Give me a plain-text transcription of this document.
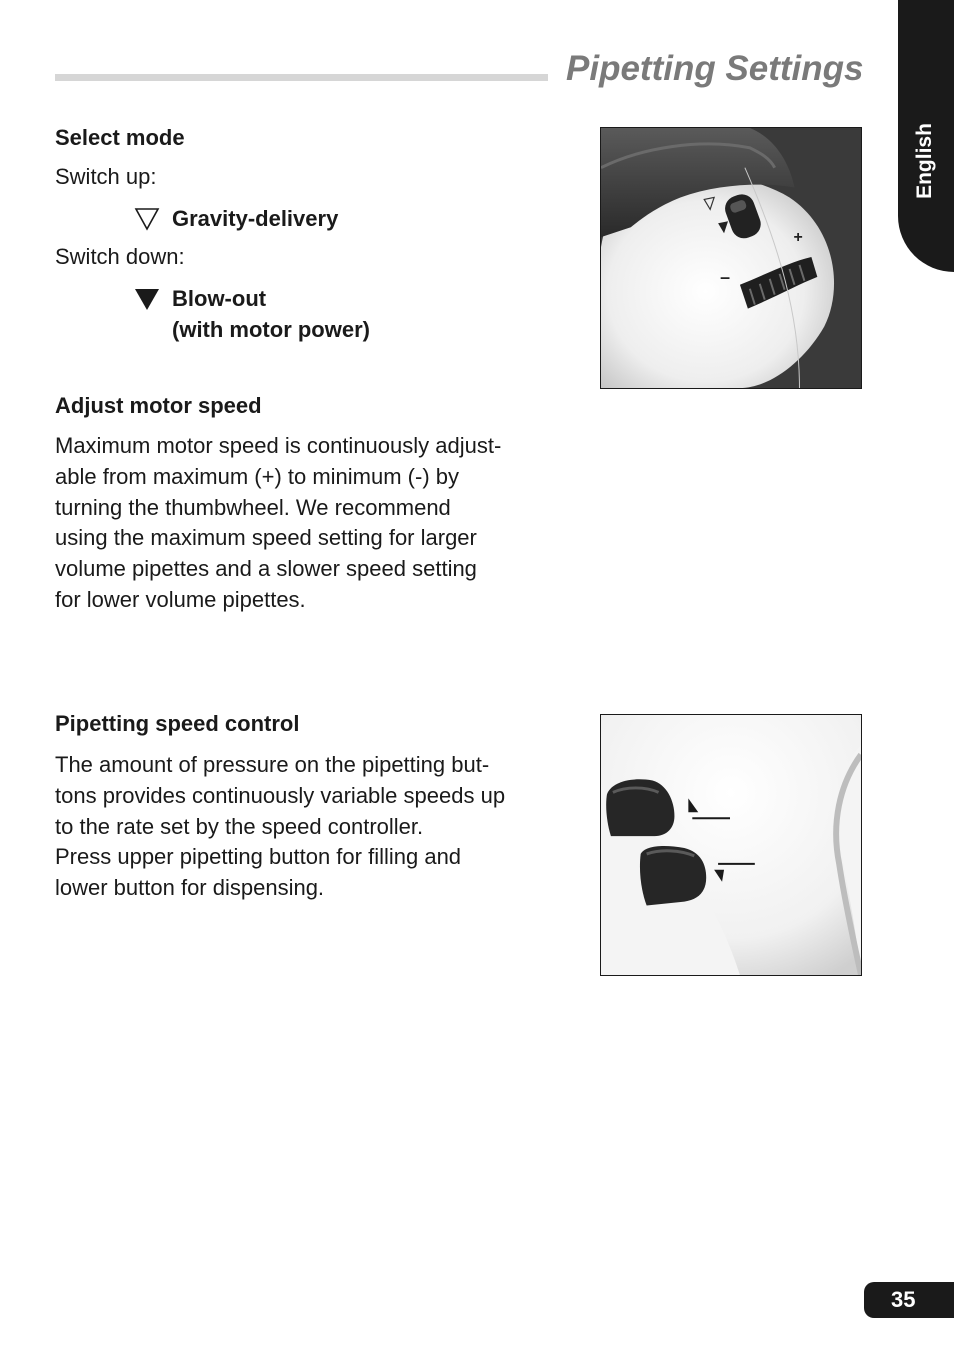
Pipetting Settings
English
Select mode
Switch up:
Gravity-delivery
Switch down:
Blow-out
(with motor power)
Adjust motor speed
Maximum motor speed is continuously adjust-
able from maximum (+) to minimum (-) by
turning the thumbwheel. We recommend
using the maximum speed setting for larger
volume pipettes and a slower speed setting
for lower volume pipettes.
Pipetting speed control
The amount of pressure on the pipetting but-
tons provides continuously variable speeds up
to the rate set by the speed controller.
Press upper pipetting button for filling and
lower button for dispensing.
+
–
35
